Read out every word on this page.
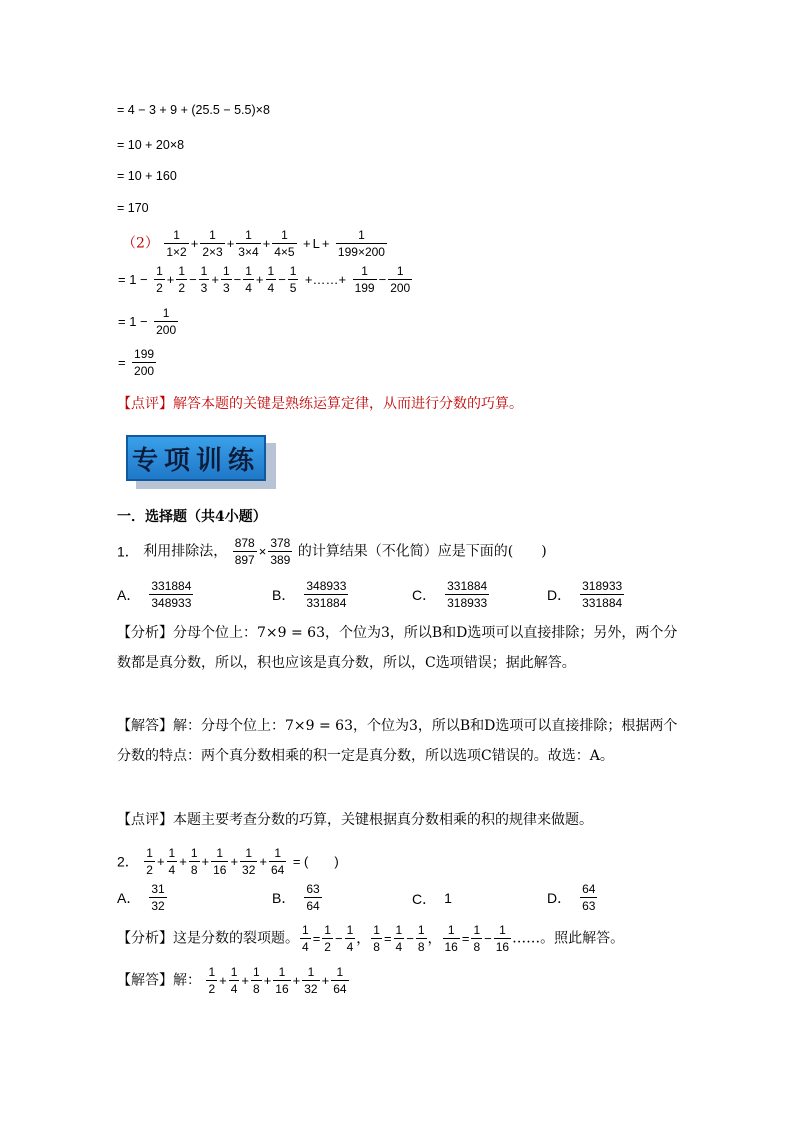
= 4 − 3 + 9 + (25.5 − 5.5)×8
= 10 + 20×8
= 10 + 160
= 170
$(2) \frac{1}{1\times 2} + \frac{1}{2\times 3} + \frac{1}{3\times 4} + \frac{1}{4\times 5} + L + \frac{1}{199\times 200}$
= $1 - \frac{1}{2} + \frac{1}{2} - \frac{1}{3} + \frac{1}{3} - \frac{1}{4} + \frac{1}{4} - \frac{1}{5}$ +……+ $\frac{1}{199} - \frac{1}{200}$
= $1 - \frac{1}{200}$
= $\frac{199}{200}$
【点评】解答本题的关键是熟练运算定律，从而进行分数的巧算。
专项训练
一．选择题（共4小题）
1． 利用排除法， $\frac{878}{897} \times \frac{378}{389}$ 的计算结果（不化简）应是下面的(　　)
A． $\frac{331884}{348933}$	B． $\frac{348933}{331884}$	C． $\frac{331884}{318933}$	D． $\frac{318933}{331884}$
【分析】分母个位上：7×9 = 63，个位为3，所以B和D选项可以直接排除；另外，两个分数都是真分数，所以，积也应该是真分数，所以，C选项错误；据此解答。
【解答】解：分母个位上：7×9 = 63，个位为3，所以B和D选项可以直接排除；根据两个分数的特点：两个真分数相乘的积一定是真分数，所以选项C错误的。故选：A。
【点评】本题主要考查分数的巧算，关键根据真分数相乘的积的规律来做题。
2． $\frac{1}{2} + \frac{1}{4} + \frac{1}{8} + \frac{1}{16} + \frac{1}{32} + \frac{1}{64}$ = (　　)
A． $\frac{31}{32}$	B． $\frac{63}{64}$	C． 1	D． $\frac{64}{63}$
【分析】这是分数的裂项题。 $\frac{1}{4} = \frac{1}{2} - \frac{1}{4}$ ， $\frac{1}{8} = \frac{1}{4} - \frac{1}{8}$ ， $\frac{1}{16} = \frac{1}{8} - \frac{1}{16}$ ……。照此解答。
【解答】解： $\frac{1}{2} + \frac{1}{4} + \frac{1}{8} + \frac{1}{16} + \frac{1}{32} + \frac{1}{64}$
